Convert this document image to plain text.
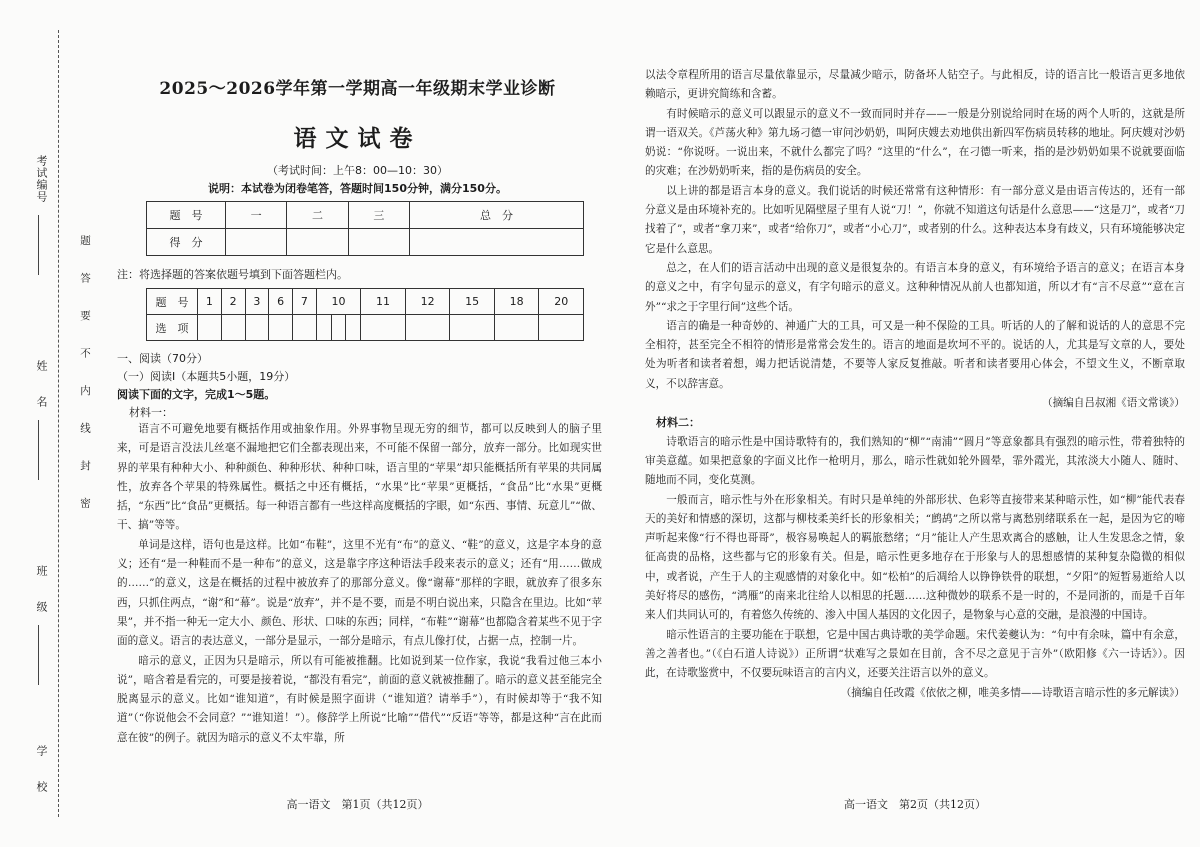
考试编号
姓　　名
班　　级
学　　校
题　　答　　要　　不　　内　　线　　封　　密
2025～2026学年第一学期高一年级期末学业诊断
语文试卷
（考试时间：上午8：00—10：30）
说明：本试卷为闭卷笔答，答题时间150分钟，满分150分。
题　号	一	二	三	总　分
得　分				
注：将选择题的答案依题号填到下面答题栏内。
题　号	1	2	3	6	7	10			11	12	15	18	20
选　项													
一、阅读（70分）
（一）阅读Ⅰ（本题共5小题，19分）
阅读下面的文字，完成1～5题。
材料一：

语言不可避免地要有概括作用或抽象作用。外界事物呈现无穷的细节，都可以反映到人的脑子里来，可是语言没法儿丝毫不漏地把它们全都表现出来，不可能不保留一部分，放弃一部分。比如现实世界的苹果有种种大小、种种颜色、种种形状、种种口味，语言里的“苹果”却只能概括所有苹果的共同属性，放弃各个苹果的特殊属性。概括之中还有概括，“水果”比“苹果”更概括，“食品”比“水果”更概括，“东西”比“食品”更概括。每一种语言都有一些这样高度概括的字眼，如“东西、事情、玩意儿”“做、干、搞”等等。

单词是这样，语句也是这样。比如“布鞋”，这里不光有“布”的意义、“鞋”的意义，这是字本身的意义；还有“是一种鞋而不是一种布”的意义，这是靠字序这种语法手段来表示的意义；还有“用……做成的……”的意义，这是在概括的过程中被放弃了的那部分意义。像“谢幕”那样的字眼，就放弃了很多东西，只抓住两点，“谢”和“幕”。说是“放弃”，并不是不要，而是不明白说出来，只隐含在里边。比如“苹果”，并不指一种无一定大小、颜色、形状、口味的东西；同样，“布鞋”“谢幕”也都隐含着某些不见于字面的意义。语言的表达意义，一部分是显示，一部分是暗示，有点儿像打仗，占据一点，控制一片。

暗示的意义，正因为只是暗示，所以有可能被推翻。比如说到某一位作家，我说“我看过他三本小说”，暗含着是看完的，可要是接着说，“都没有看完”，前面的意义就被推翻了。暗示的意义甚至能完全脱离显示的意义。比如“谁知道”，有时候是照字面讲（“谁知道？请举手”），有时候却等于“我不知道”（“你说他会不会同意？”“谁知道！”）。修辞学上所说“比喻”“借代”“反语”等等，都是这种“言在此而意在彼”的例子。就因为暗示的意义不太牢靠，所

高一语文　第1页（共12页）

以法令章程所用的语言尽量依靠显示，尽量减少暗示，防备坏人钻空子。与此相反，诗的语言比一般语言更多地依赖暗示，更讲究简练和含蓄。

有时候暗示的意义可以跟显示的意义不一致而同时并存——一般是分别说给同时在场的两个人听的，这就是所谓一语双关。《芦荡火种》第九场刁德一审问沙奶奶，叫阿庆嫂去劝地供出新四军伤病员转移的地址。阿庆嫂对沙奶奶说：“你说呀。一说出来，不就什么都完了吗？”这里的“什么”，在刁德一听来，指的是沙奶奶如果不说就要面临的灾难；在沙奶奶听来，指的是伤病员的安全。

以上讲的都是语言本身的意义。我们说话的时候还常常有这种情形：有一部分意义是由语言传达的，还有一部分意义是由环境补充的。比如听见隔壁屋子里有人说“刀！”，你就不知道这句话是什么意思——“这是刀”，或者“刀找着了”，或者“拿刀来”，或者“给你刀”，或者“小心刀”，或者别的什么。这种表达本身有歧义，只有环境能够决定它是什么意思。

总之，在人们的语言活动中出现的意义是很复杂的。有语言本身的意义，有环境给予语言的意义；在语言本身的意义之中，有字句显示的意义，有字句暗示的意义。这种种情况从前人也都知道，所以才有“言不尽意”“意在言外”“求之于字里行间”这些个话。

语言的确是一种奇妙的、神通广大的工具，可又是一种不保险的工具。听话的人的了解和说话的人的意思不完全相符，甚至完全不相符的情形是常常会发生的。语言的地面是坎坷不平的。说话的人，尤其是写文章的人，要处处为听者和读者着想，竭力把话说清楚，不要等人家反复推敲。听者和读者要用心体会，不望文生义，不断章取义，不以辞害意。

（摘编自吕叔湘《语文常谈》）

材料二：

诗歌语言的暗示性是中国诗歌特有的，我们熟知的“柳”“南浦”“圆月”等意象都具有强烈的暗示性，带着独特的审美意蕴。如果把意象的字面义比作一枪明月，那么，暗示性就如轮外圆晕，霏外霞光，其浓淡大小随人、随时、随地而不同，变化莫测。

一般而言，暗示性与外在形象相关。有时只是单纯的外部形状、色彩等直接带来某种暗示性，如“柳”能代表春天的美好和情感的深切，这都与柳枝柔美纤长的形象相关；“鹧鸪”之所以常与离愁别绪联系在一起，是因为它的啼声听起来像“行不得也哥哥”，极容易唤起人的羁旅愁绪；“月”能让人产生思欢离合的感触，让人生发思念之情，象征高贵的品格，这些都与它的形象有关。但是，暗示性更多地存在于形象与人的思想感情的某种复杂隐微的相似中，或者说，产生于人的主观感情的对象化中。如“松柏”的后凋给人以铮铮铁骨的联想，“夕阳”的短暂易逝给人以美好将尽的感伤，“鸿雁”的南来北往给人以相思的托题……这种微妙的联系不是一时的，不是同浙的，而是千百年来人们共同认可的，有着悠久传统的、渗入中国人基因的文化因子，是物象与心意的交融，是浪漫的中国诗。

暗示性语言的主要功能在于联想，它是中国古典诗歌的美学命题。宋代姜夔认为：“句中有余味，篇中有余意，善之善者也。”（《白石道人诗说》）正所谓“状难写之景如在目前，含不尽之意见于言外”（欧阳修《六一诗话》）。因此，在诗歌鉴赏中，不仅要玩味语言的言内义，还要关注语言以外的意义。

（摘编自任改霞《依依之柳，唯美多情——诗歌语言暗示性的多元解读》）

高一语文　第2页（共12页）
